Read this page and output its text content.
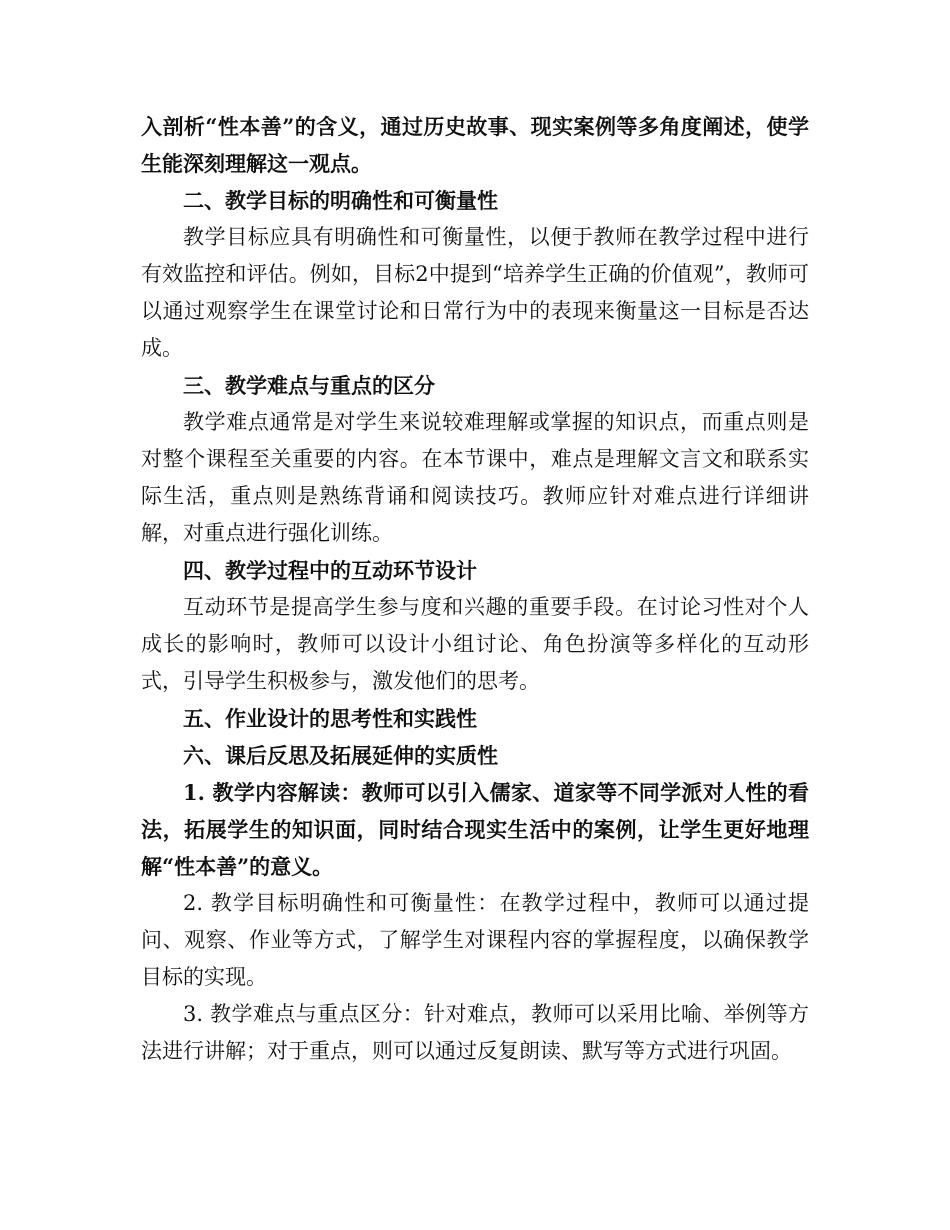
入剖析“性本善”的含义，通过历史故事、现实案例等多角度阐述，使学生能深刻理解这一观点。

二、教学目标的明确性和可衡量性

教学目标应具有明确性和可衡量性，以便于教师在教学过程中进行有效监控和评估。例如，目标2中提到“培养学生正确的价值观”，教师可以通过观察学生在课堂讨论和日常行为中的表现来衡量这一目标是否达成。

三、教学难点与重点的区分

教学难点通常是对学生来说较难理解或掌握的知识点，而重点则是对整个课程至关重要的内容。在本节课中，难点是理解文言文和联系实际生活，重点则是熟练背诵和阅读技巧。教师应针对难点进行详细讲解，对重点进行强化训练。

四、教学过程中的互动环节设计

互动环节是提高学生参与度和兴趣的重要手段。在讨论习性对个人成长的影响时，教师可以设计小组讨论、角色扮演等多样化的互动形式，引导学生积极参与，激发他们的思考。

五、作业设计的思考性和实践性

六、课后反思及拓展延伸的实质性

1. 教学内容解读：教师可以引入儒家、道家等不同学派对人性的看法，拓展学生的知识面，同时结合现实生活中的案例，让学生更好地理解“性本善”的意义。

2. 教学目标明确性和可衡量性：在教学过程中，教师可以通过提问、观察、作业等方式，了解学生对课程内容的掌握程度，以确保教学目标的实现。

3. 教学难点与重点区分：针对难点，教师可以采用比喻、举例等方法进行讲解；对于重点，则可以通过反复朗读、默写等方式进行巩固。
